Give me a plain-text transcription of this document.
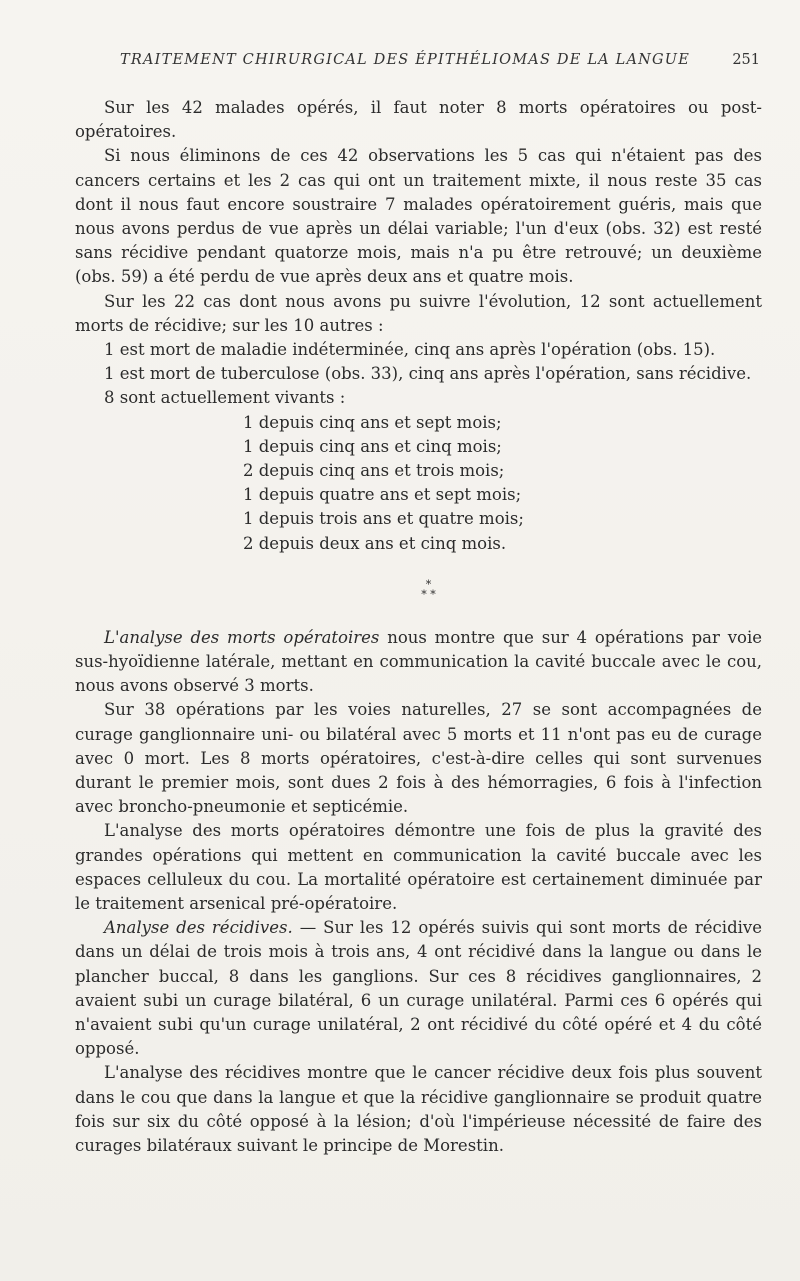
TRAITEMENT CHIRURGICAL DES ÉPITHÉLIOMAS DE LA LANGUE	251

Sur les 42 malades opérés, il faut noter 8 morts opératoires ou post-opératoires.

Si nous éliminons de ces 42 observations les 5 cas qui n'étaient pas des cancers certains et les 2 cas qui ont un traitement mixte, il nous reste 35 cas dont il nous faut encore soustraire 7 malades opératoirement guéris, mais que nous avons perdus de vue après un délai variable; l'un d'eux (obs. 32) est resté sans récidive pendant quatorze mois, mais n'a pu être retrouvé; un deuxième (obs. 59) a été perdu de vue après deux ans et quatre mois.

Sur les 22 cas dont nous avons pu suivre l'évolution, 12 sont actuellement morts de récidive; sur les 10 autres :

1 est mort de maladie indéterminée, cinq ans après l'opération (obs. 15).

1 est mort de tuberculose (obs. 33), cinq ans après l'opération, sans récidive.

8 sont actuellement vivants :

1 depuis cinq ans et sept mois;
1 depuis cinq ans et cinq mois;
2 depuis cinq ans et trois mois;
1 depuis quatre ans et sept mois;
1 depuis trois ans et quatre mois;
2 depuis deux ans et cinq mois.
*
* *

L'analyse des morts opératoires nous montre que sur 4 opérations par voie sus-hyoïdienne latérale, mettant en communication la cavité buccale avec le cou, nous avons observé 3 morts.

Sur 38 opérations par les voies naturelles, 27 se sont accompagnées de curage ganglionnaire uni- ou bilatéral avec 5 morts et 11 n'ont pas eu de curage avec 0 mort. Les 8 morts opératoires, c'est-à-dire celles qui sont survenues durant le premier mois, sont dues 2 fois à des hémorragies, 6 fois à l'infection avec broncho-pneumonie et septicémie.

L'analyse des morts opératoires démontre une fois de plus la gravité des grandes opérations qui mettent en communication la cavité buccale avec les espaces celluleux du cou. La mortalité opératoire est certainement diminuée par le traitement arsenical pré-opératoire.

Analyse des récidives. — Sur les 12 opérés suivis qui sont morts de récidive dans un délai de trois mois à trois ans, 4 ont récidivé dans la langue ou dans le plancher buccal, 8 dans les ganglions. Sur ces 8 récidives ganglionnaires, 2 avaient subi un curage bilatéral, 6 un curage unilatéral. Parmi ces 6 opérés qui n'avaient subi qu'un curage unilatéral, 2 ont récidivé du côté opéré et 4 du côté opposé.

L'analyse des récidives montre que le cancer récidive deux fois plus souvent dans le cou que dans la langue et que la récidive ganglionnaire se produit quatre fois sur six du côté opposé à la lésion; d'où l'impérieuse nécessité de faire des curages bilatéraux suivant le principe de Morestin.
